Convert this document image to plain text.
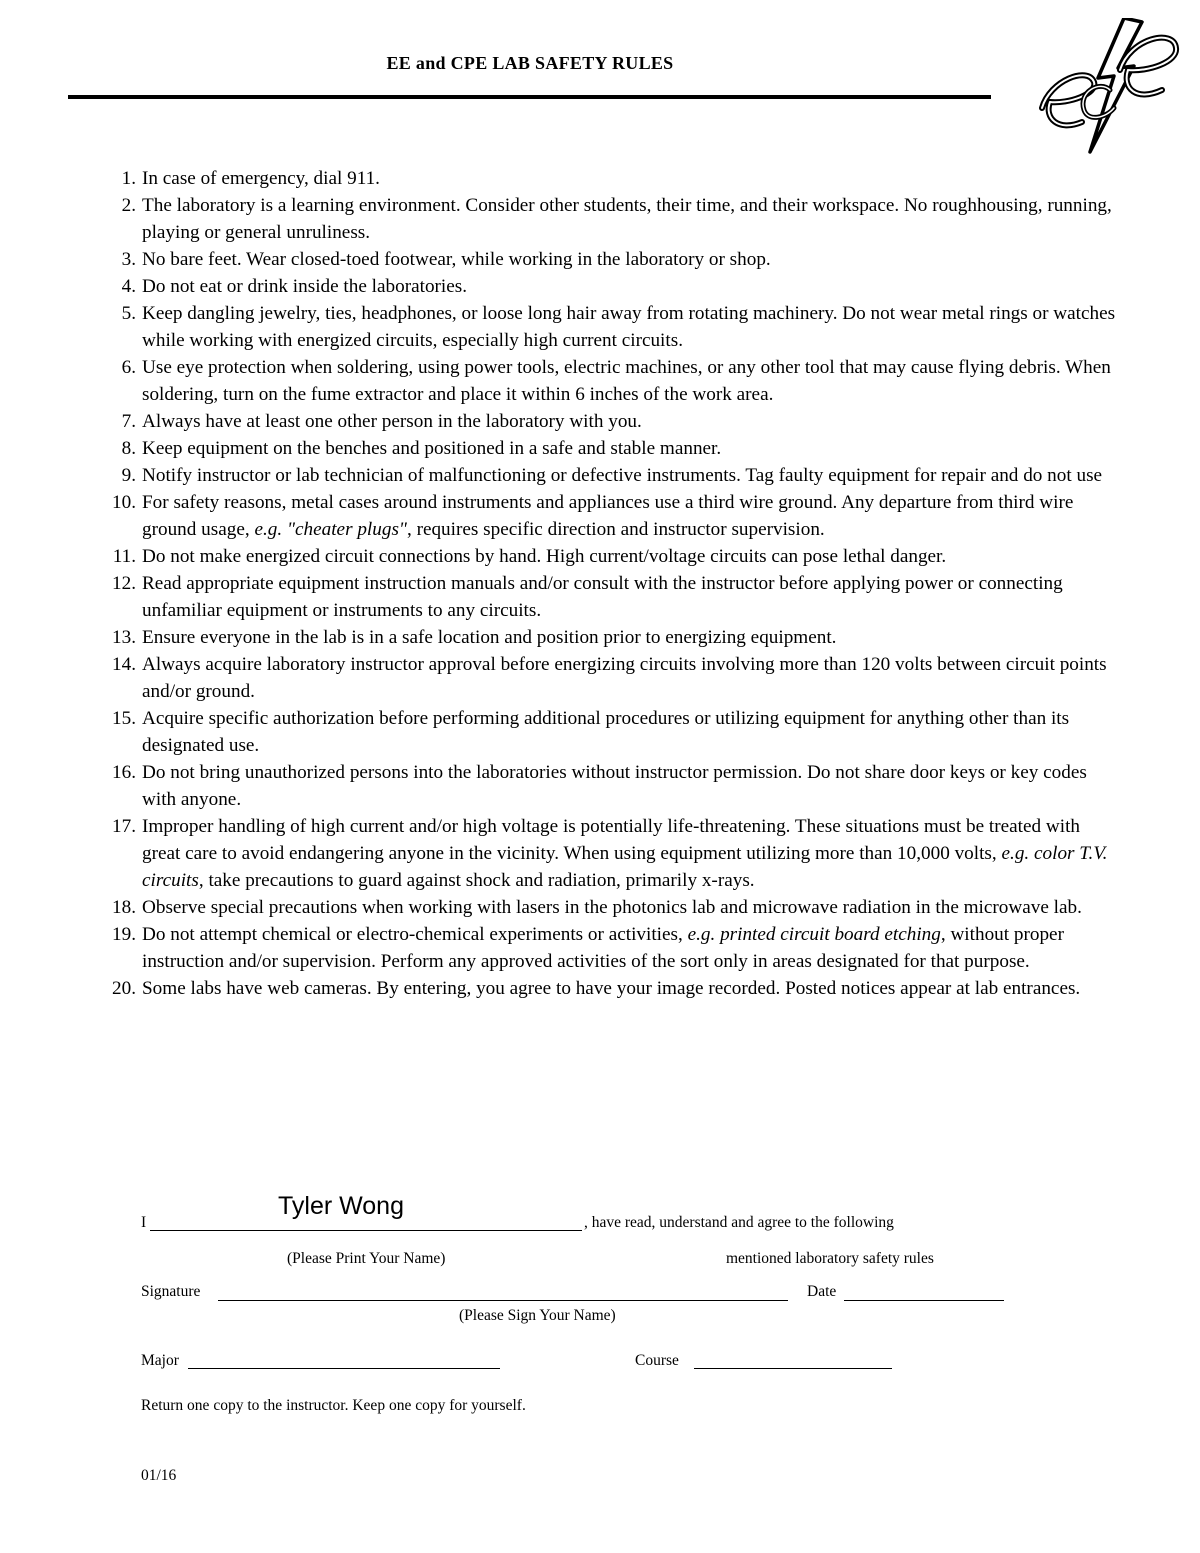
EE and CPE LAB SAFETY RULES
1. In case of emergency, dial 911.
2. The laboratory is a learning environment. Consider other students, their time, and their workspace. No roughhousing, running, playing or general unruliness.
3. No bare feet. Wear closed-toed footwear, while working in the laboratory or shop.
4. Do not eat or drink inside the laboratories.
5. Keep dangling jewelry, ties, headphones, or loose long hair away from rotating machinery. Do not wear metal rings or watches while working with energized circuits, especially high current circuits.
6. Use eye protection when soldering, using power tools, electric machines, or any other tool that may cause flying debris. When soldering, turn on the fume extractor and place it within 6 inches of the work area.
7. Always have at least one other person in the laboratory with you.
8. Keep equipment on the benches and positioned in a safe and stable manner.
9. Notify instructor or lab technician of malfunctioning or defective instruments. Tag faulty equipment for repair and do not use
10. For safety reasons, metal cases around instruments and appliances use a third wire ground. Any departure from third wire ground usage, e.g. "cheater plugs", requires specific direction and instructor supervision.
11. Do not make energized circuit connections by hand. High current/voltage circuits can pose lethal danger.
12. Read appropriate equipment instruction manuals and/or consult with the instructor before applying power or connecting unfamiliar equipment or instruments to any circuits.
13. Ensure everyone in the lab is in a safe location and position prior to energizing equipment.
14. Always acquire laboratory instructor approval before energizing circuits involving more than 120 volts between circuit points and/or ground.
15. Acquire specific authorization before performing additional procedures or utilizing equipment for anything other than its designated use.
16. Do not bring unauthorized persons into the laboratories without instructor permission. Do not share door keys or key codes with anyone.
17. Improper handling of high current and/or high voltage is potentially life-threatening. These situations must be treated with great care to avoid endangering anyone in the vicinity. When using equipment utilizing more than 10,000 volts, e.g. color T.V. circuits, take precautions to guard against shock and radiation, primarily x-rays.
18. Observe special precautions when working with lasers in the photonics lab and microwave radiation in the microwave lab.
19. Do not attempt chemical or electro-chemical experiments or activities, e.g. printed circuit board etching, without proper instruction and/or supervision. Perform any approved activities of the sort only in areas designated for that purpose.
20. Some labs have web cameras. By entering, you agree to have your image recorded. Posted notices appear at lab entrances.
I
Tyler Wong
, have read, understand and agree to the following
(Please Print Your Name)	mentioned laboratory safety rules
Signature	Date
(Please Sign Your Name)
Major	Course
Return one copy to the instructor. Keep one copy for yourself.
01/16
